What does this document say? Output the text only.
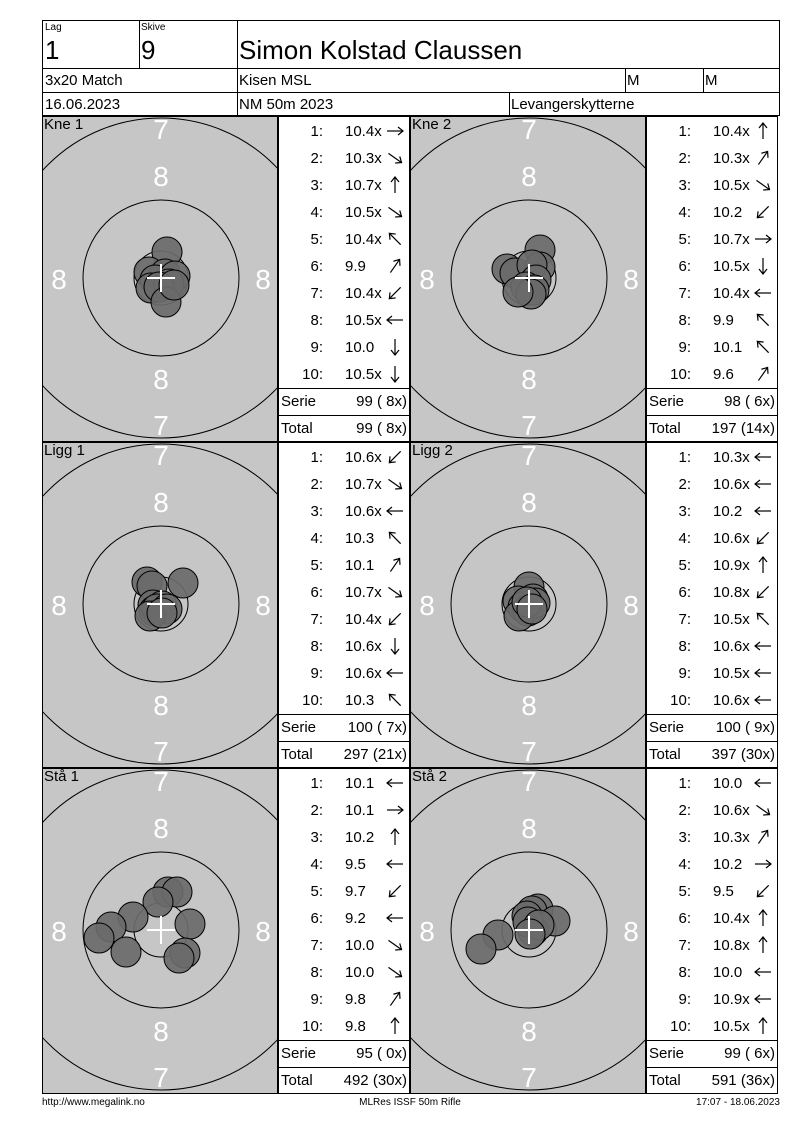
Lag
1
Skive
9	Simon Kolstad Claussen
3x20 Match	Kisen MSL	M	M
16.06.2023	NM 50m 2023	Levangerskytterne
7
8
8
7
8	8
Kne 1	1: 10.4x
2: 10.3x
3: 10.7x
4: 10.5x
5: 10.4x
6: 9.9
7: 10.4x
8: 10.5x
9: 10.0
10: 10.5x
Serie	99 ( 8x)
Total	99 ( 8x)
7
8
8
7
8	8
Kne 2	1: 10.4x
2: 10.3x
3: 10.5x
4: 10.2
5: 10.7x
6: 10.5x
7: 10.4x
8: 9.9
9: 10.1
10: 9.6
Serie	98 ( 6x)
Total 197 (14x)
7
8
8
7
8	8
Ligg 1	1: 10.6x
2: 10.7x
3: 10.6x
4: 10.3
5: 10.1
6: 10.7x
7: 10.4x
8: 10.6x
9: 10.6x
10: 10.3
Serie 100 ( 7x)
Total 297 (21x)
7
8
8
7
8	8
Ligg 2	1: 10.3x
2: 10.6x
3: 10.2
4: 10.6x
5: 10.9x
6: 10.8x
7: 10.5x
8: 10.6x
9: 10.5x
10: 10.6x
Serie 100 ( 9x)
Total 397 (30x)
7
8
8
7
8	8
Stå 1	1: 10.1
2: 10.1
3: 10.2
4: 9.5
5: 9.7
6: 9.2
7: 10.0
8: 10.0
9: 9.8
10: 9.8
Serie	95 ( 0x)
Total 492 (30x)
7
8
8
7
8	8
Stå 2	1: 10.0
2: 10.6x
3: 10.3x
4: 10.2
5: 9.5
6: 10.4x
7: 10.8x
8: 10.0
9: 10.9x
10: 10.5x
Serie	99 ( 6x)
Total 591 (36x)
http://www.megalink.no	MLRes ISSF 50m Rifle	17:07 - 18.06.2023
